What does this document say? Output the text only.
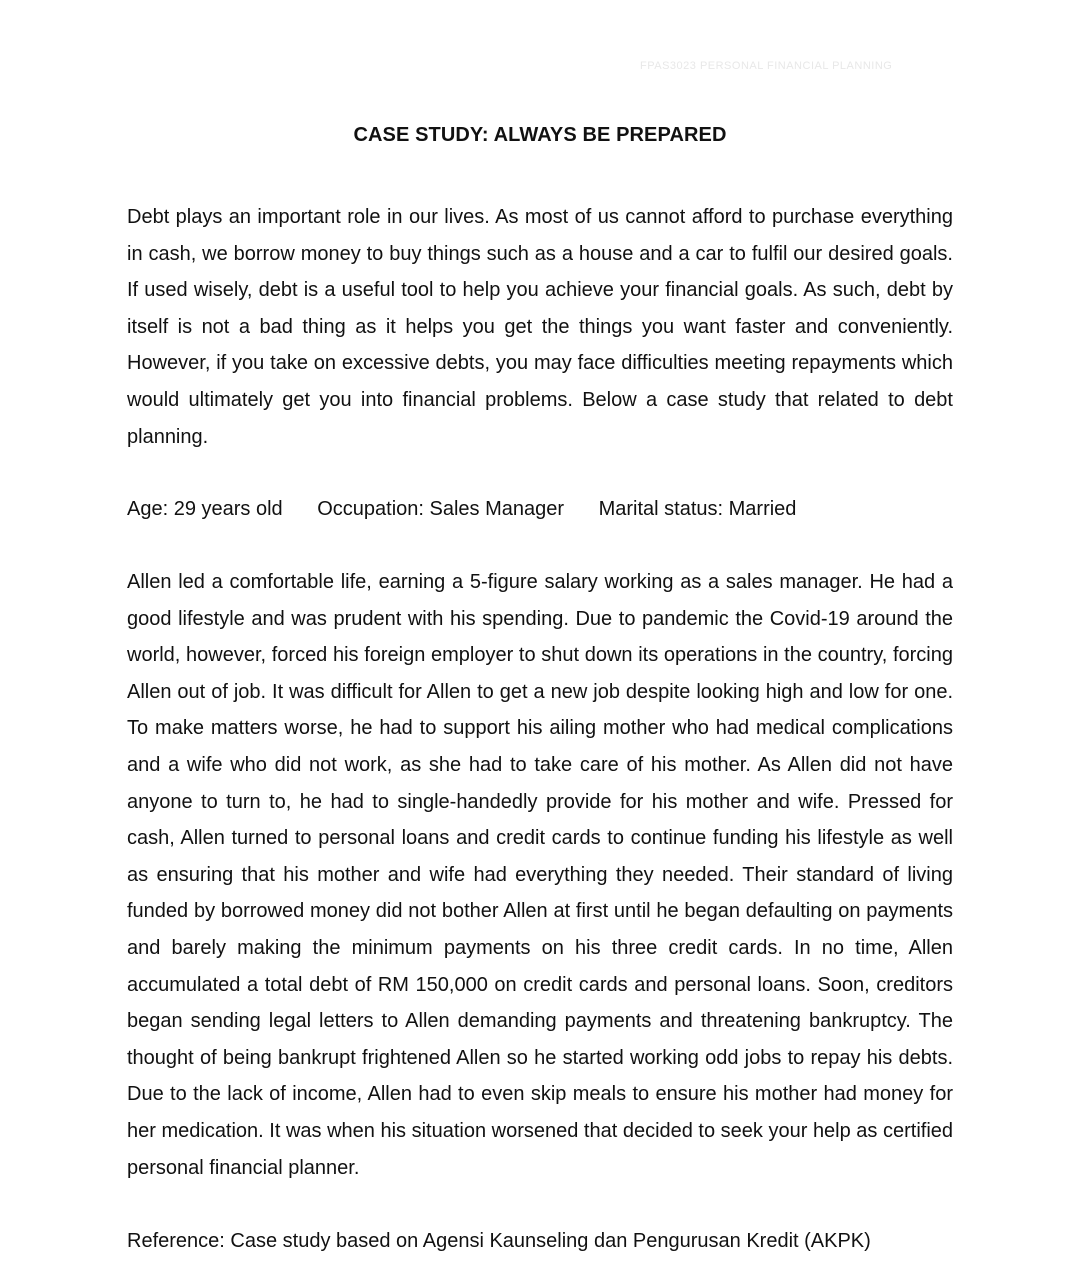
FPAS3023 PERSONAL FINANCIAL PLANNING
CASE STUDY: ALWAYS BE PREPARED

Debt plays an important role in our lives. As most of us cannot afford to purchase everything in cash, we borrow money to buy things such as a house and a car to fulfil our desired goals. If used wisely, debt is a useful tool to help you achieve your financial goals. As such, debt by itself is not a bad thing as it helps you get the things you want faster and conveniently. However, if you take on excessive debts, you may face difficulties meeting repayments which would ultimately get you into financial problems. Below a case study that related to debt planning.

Age: 29 years old Occupation: Sales Manager Marital status: Married

Allen led a comfortable life, earning a 5-figure salary working as a sales manager. He had a good lifestyle and was prudent with his spending. Due to pandemic the Covid-19 around the world, however, forced his foreign employer to shut down its operations in the country, forcing Allen out of job. It was difficult for Allen to get a new job despite looking high and low for one. To make matters worse, he had to support his ailing mother who had medical complications and a wife who did not work, as she had to take care of his mother. As Allen did not have anyone to turn to, he had to single-handedly provide for his mother and wife. Pressed for cash, Allen turned to personal loans and credit cards to continue funding his lifestyle as well as ensuring that his mother and wife had everything they needed. Their standard of living funded by borrowed money did not bother Allen at first until he began defaulting on payments and barely making the minimum payments on his three credit cards. In no time, Allen accumulated a total debt of RM 150,000 on credit cards and personal loans. Soon, creditors began sending legal letters to Allen demanding payments and threatening bankruptcy. The thought of being bankrupt frightened Allen so he started working odd jobs to repay his debts. Due to the lack of income, Allen had to even skip meals to ensure his mother had money for her medication. It was when his situation worsened that decided to seek your help as certified personal financial planner.

Reference: Case study based on Agensi Kaunseling dan Pengurusan Kredit (AKPK)
